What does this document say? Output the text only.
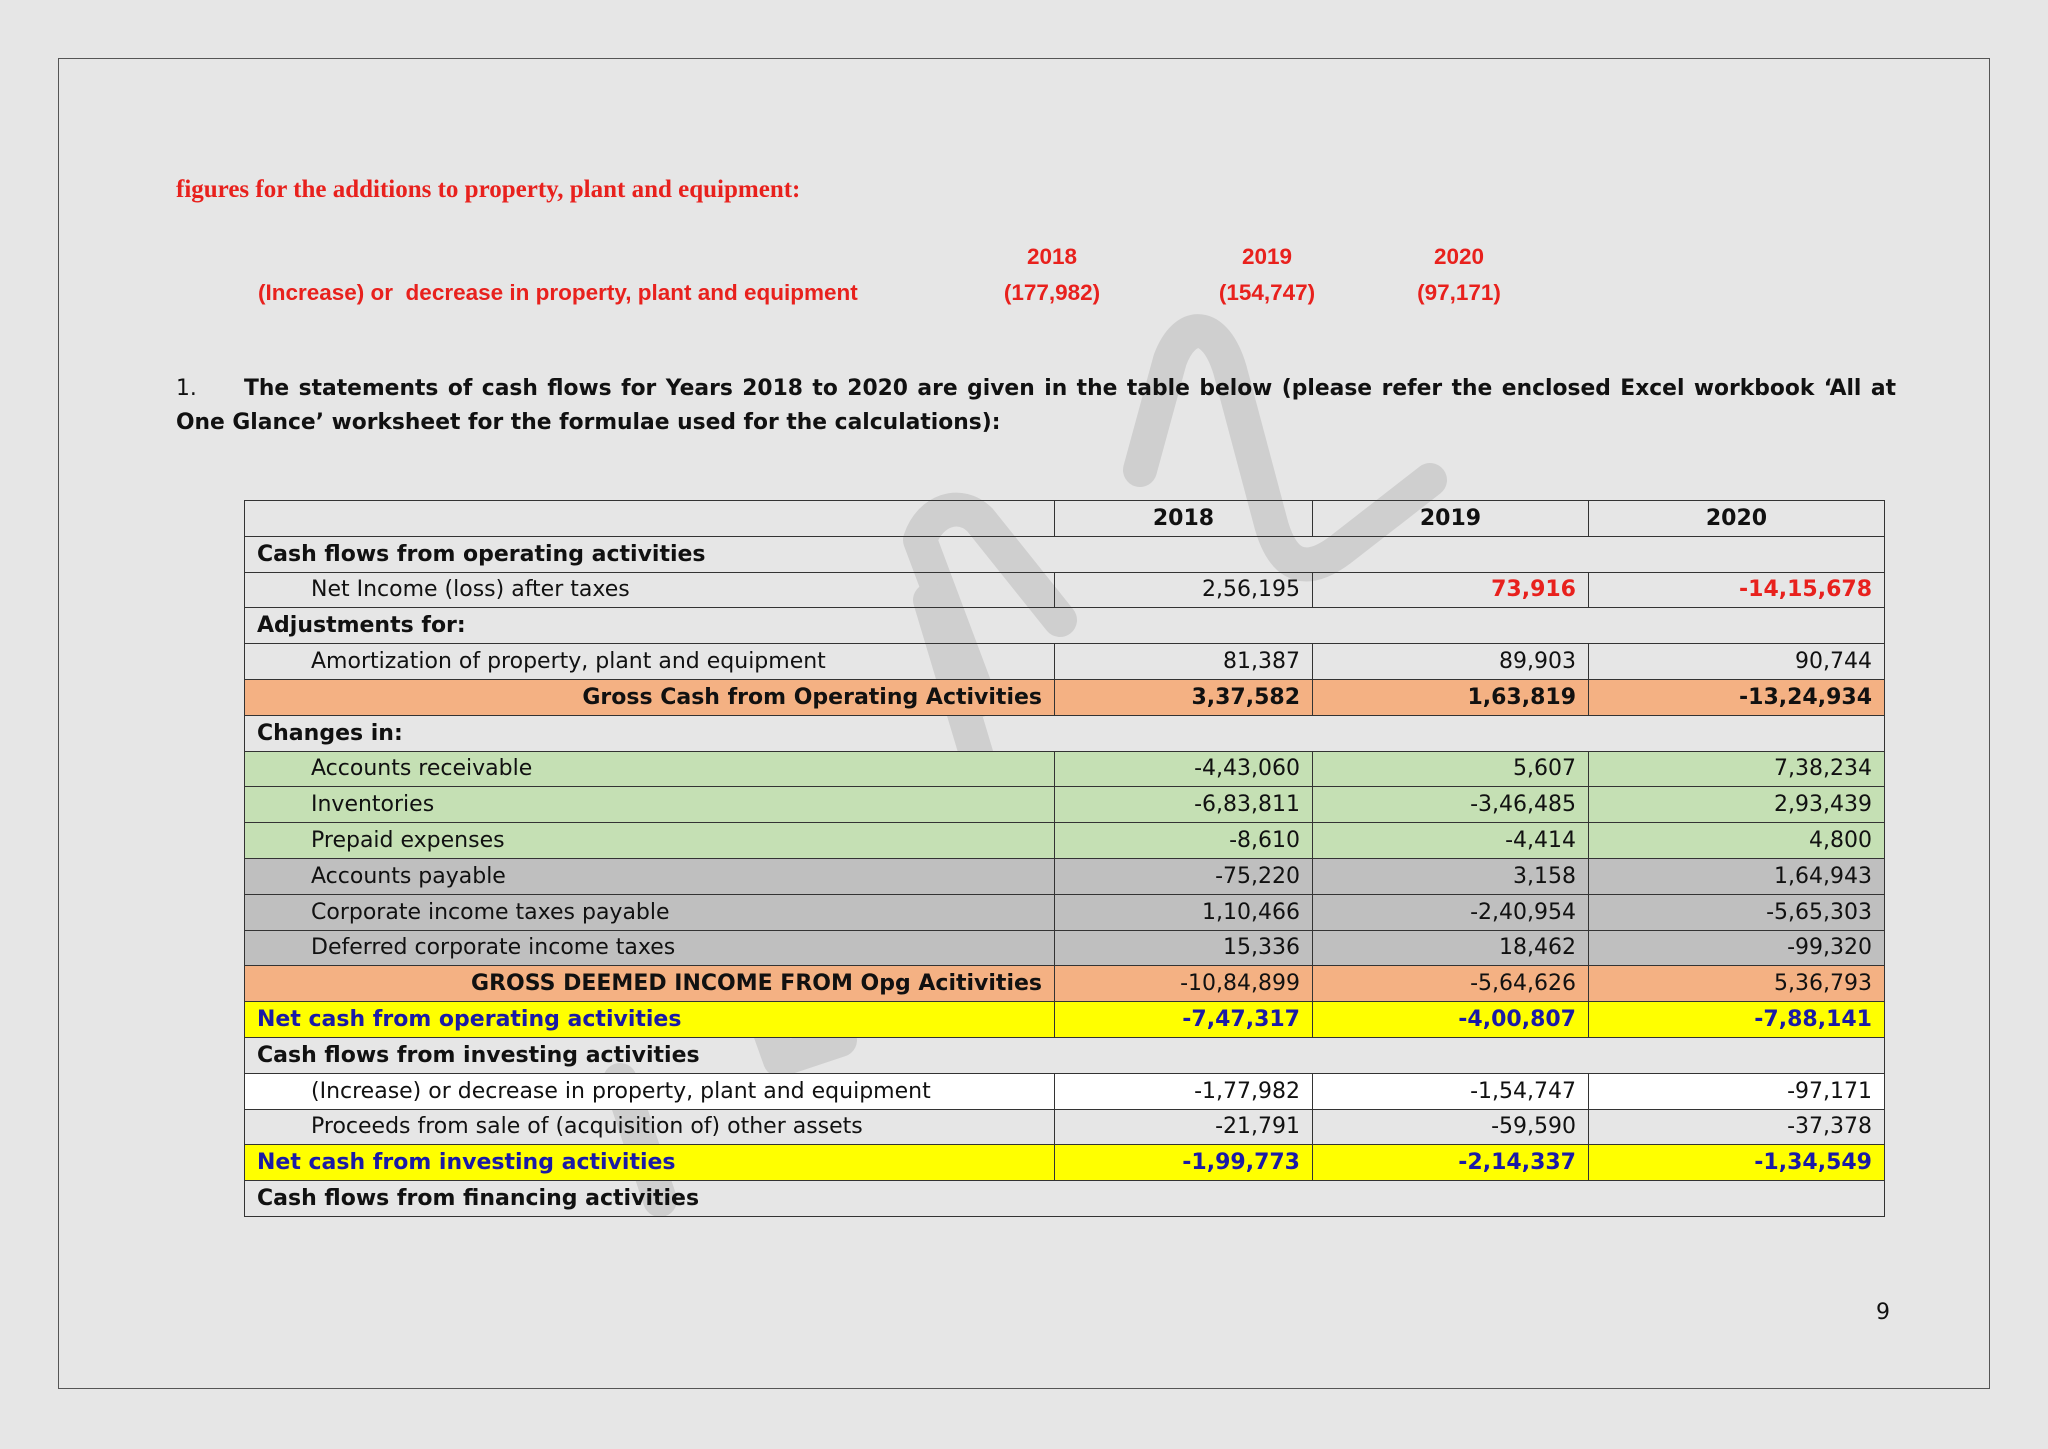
figures for the additions to property, plant and equipment:
2018	2019	2020
(Increase) or  decrease in property, plant and equipment	(177,982)	(154,747)	(97,171)
1. The statements of cash flows for Years 2018 to 2020 are given in the table below (please refer the enclosed Excel workbook ‘All at One Glance’ worksheet for the formulae used for the calculations):
	2018	2019	2020
Cash flows from operating activities			
Net Income (loss) after taxes	2,56,195	73,916	-14,15,678
Adjustments for:			
Amortization of property, plant and equipment	81,387	89,903	90,744
Gross Cash from Operating Activities	3,37,582	1,63,819	-13,24,934
Changes in:			
Accounts receivable	-4,43,060	5,607	7,38,234
Inventories	-6,83,811	-3,46,485	2,93,439
Prepaid expenses	-8,610	-4,414	4,800
Accounts payable	-75,220	3,158	1,64,943
Corporate income taxes payable	1,10,466	-2,40,954	-5,65,303
Deferred corporate income taxes	15,336	18,462	-99,320
GROSS DEEMED INCOME FROM Opg Acitivities	-10,84,899	-5,64,626	5,36,793
Net cash from operating activities	-7,47,317	-4,00,807	-7,88,141
Cash flows from investing activities			
(Increase) or decrease in property, plant and equipment	-1,77,982	-1,54,747	-97,171
Proceeds from sale of (acquisition of) other assets	-21,791	-59,590	-37,378
Net cash from investing activities	-1,99,773	-2,14,337	-1,34,549
Cash flows from financing activities			
9
